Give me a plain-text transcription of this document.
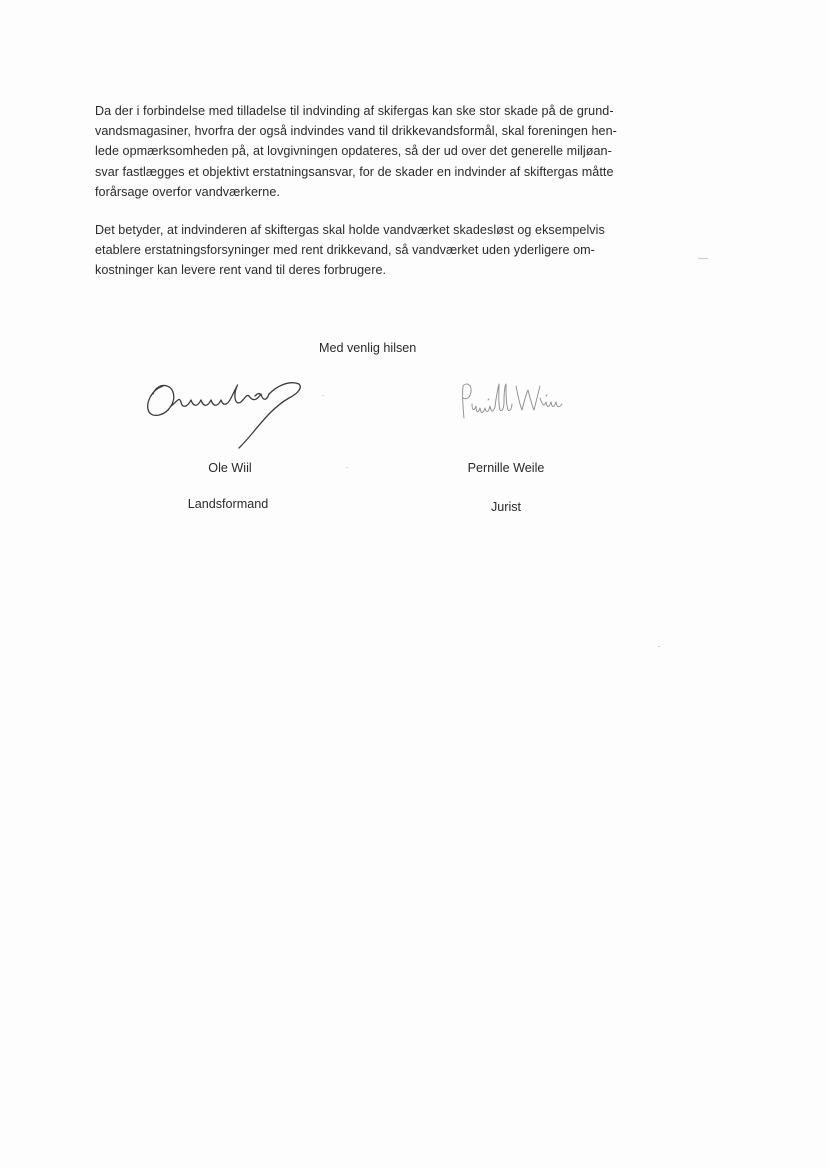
Da der i forbindelse med tilladelse til indvinding af skifergas kan ske stor skade på de grund-
vandsmagasiner, hvorfra der også indvindes vand til drikkevandsformål, skal foreningen hen-
lede opmærksomheden på, at lovgivningen opdateres, så der ud over det generelle miljøan-
svar fastlægges et objektivt erstatningsansvar, for de skader en indvinder af skiftergas måtte
forårsage overfor vandværkerne.
Det betyder, at indvinderen af skiftergas skal holde vandværket skadesløst og eksempelvis
etablere erstatningsforsyninger med rent drikkevand, så vandværket uden yderligere om-
kostninger kan levere rent vand til deres forbrugere.
Med venlig hilsen
Ole Wiil
Landsformand
Pernille Weile
Jurist
